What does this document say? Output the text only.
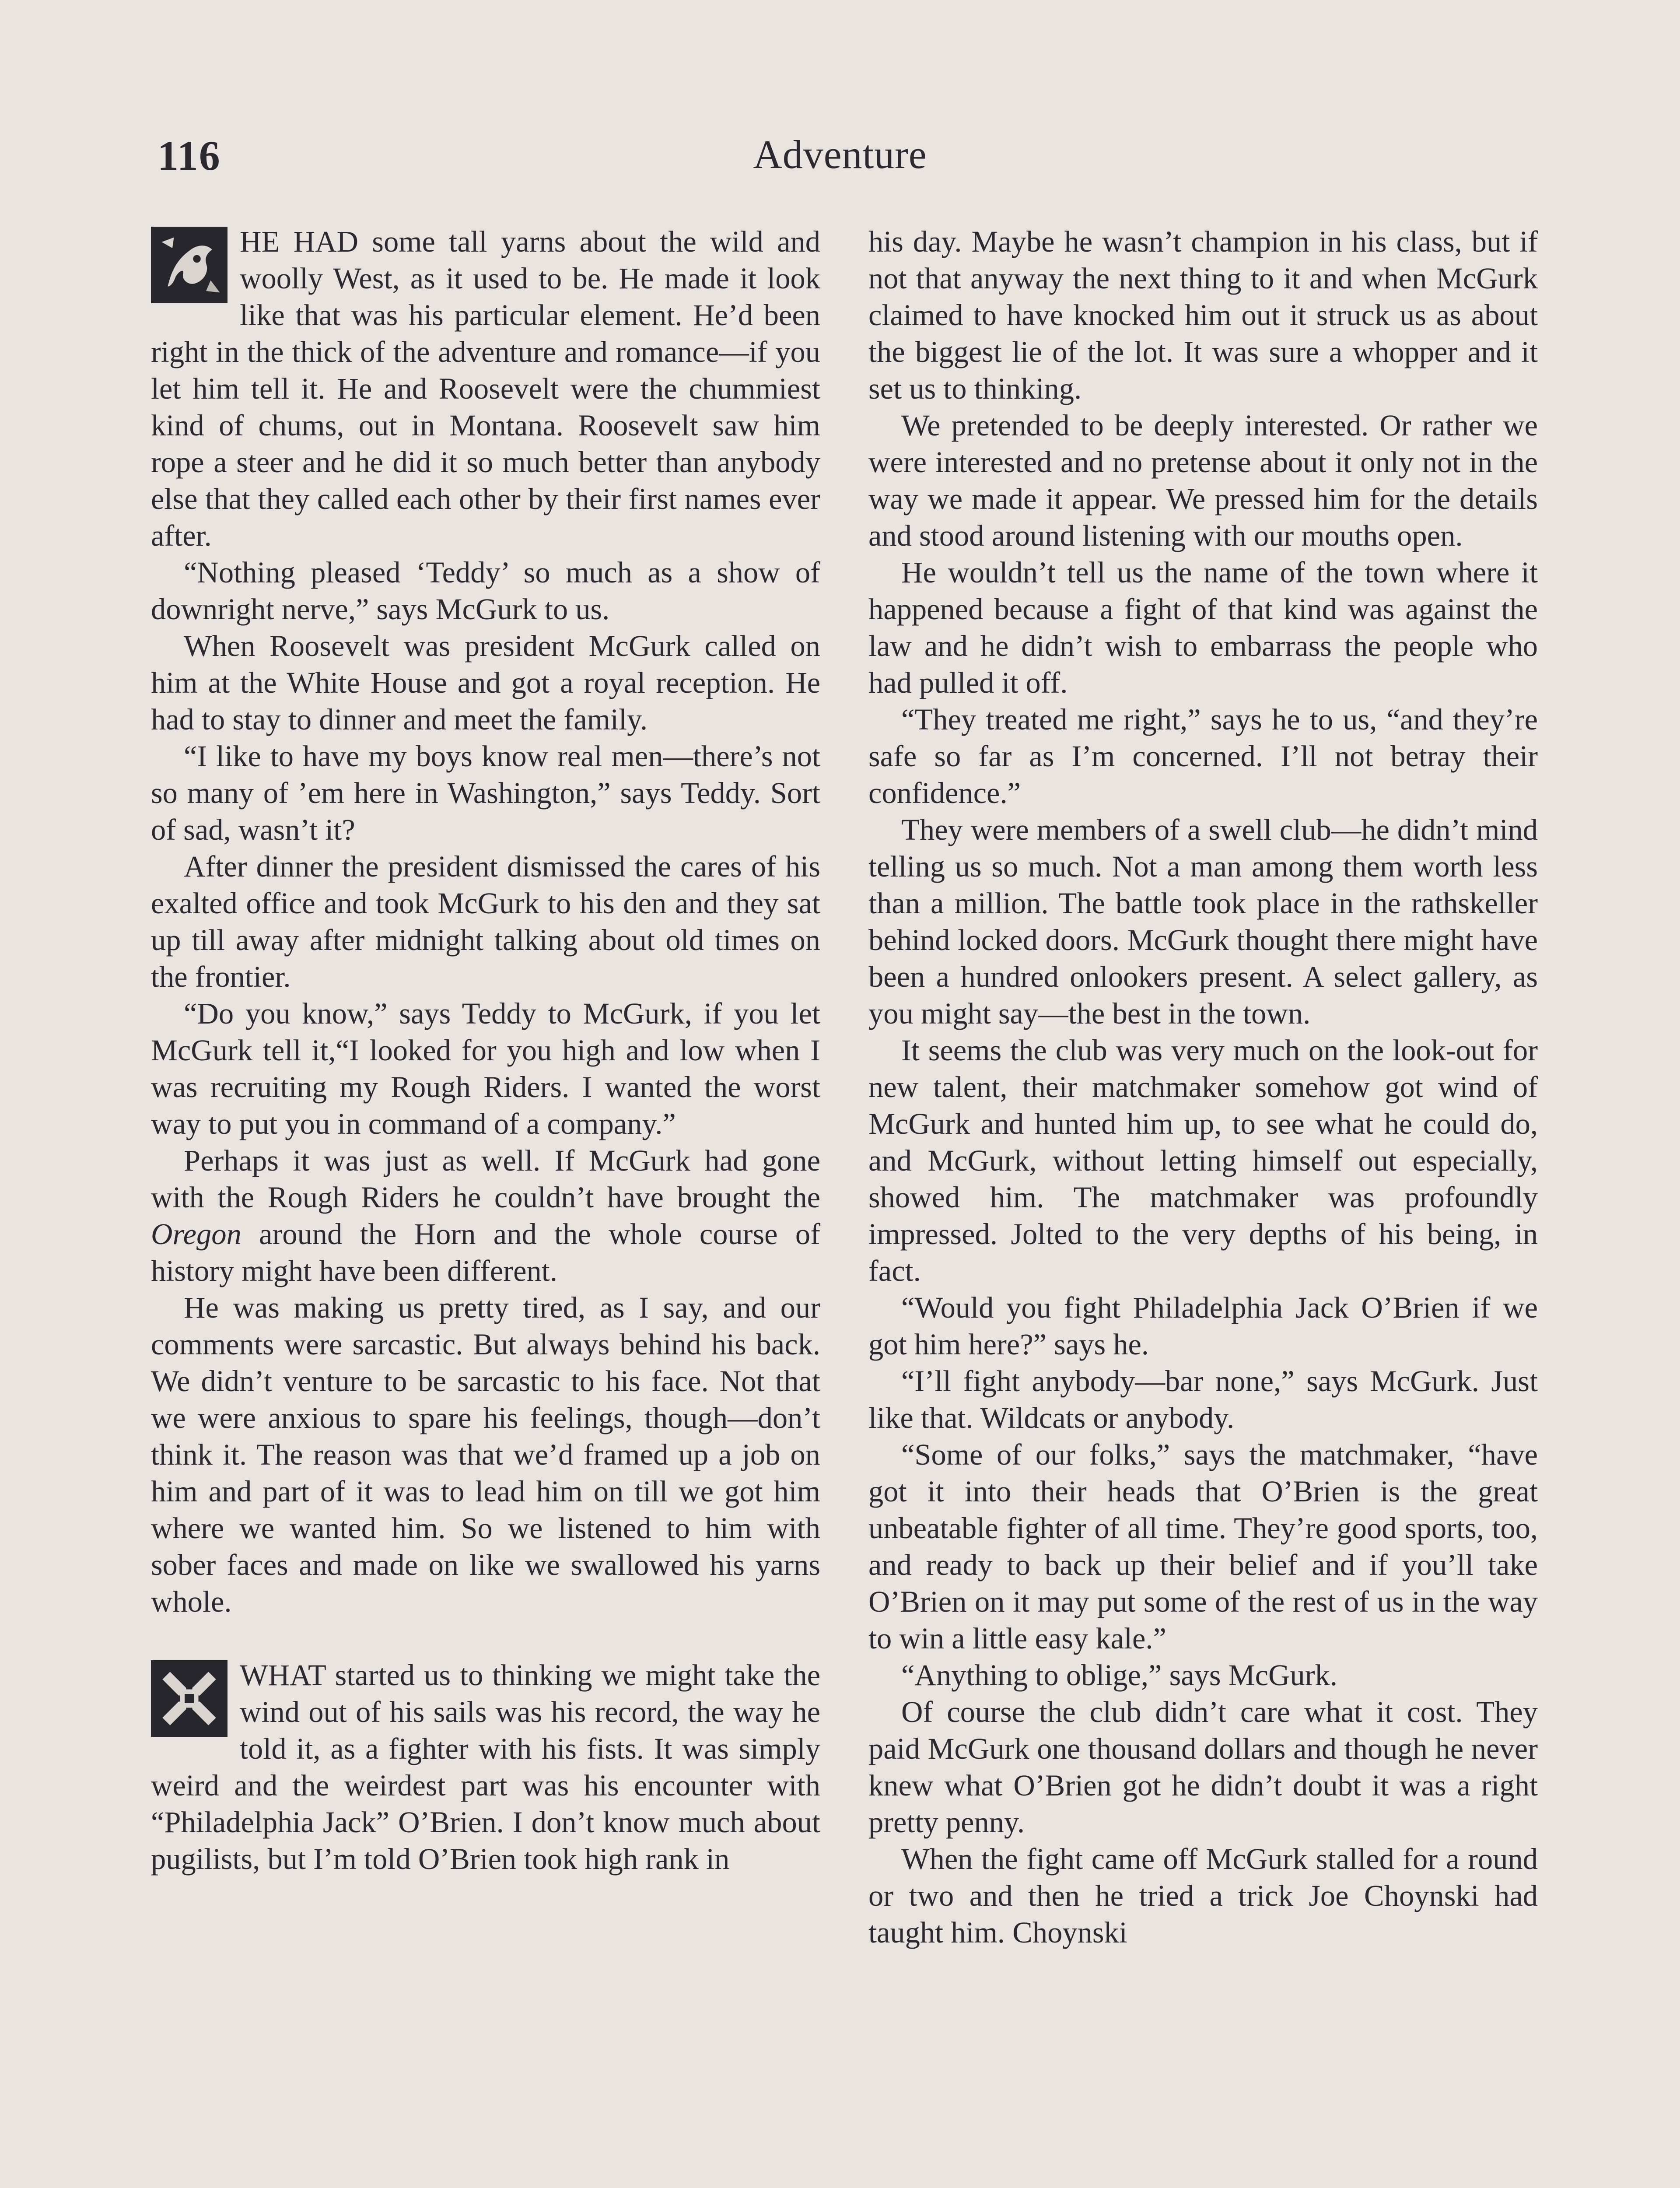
116	Adventure

HE HAD some tall yarns about the wild and woolly West, as it used to be. He made it look like that was his particular element. He’d been right in the thick of the adventure and romance—if you let him tell it. He and Roosevelt were the chummiest kind of chums, out in Montana. Roosevelt saw him rope a steer and he did it so much better than anybody else that they called each other by their first names ever after.

“Nothing pleased ‘Teddy’ so much as a show of downright nerve,” says McGurk to us.

When Roosevelt was president McGurk called on him at the White House and got a royal reception. He had to stay to dinner and meet the family.

“I like to have my boys know real men—there’s not so many of ’em here in Washington,” says Teddy. Sort of sad, wasn’t it?

After dinner the president dismissed the cares of his exalted office and took McGurk to his den and they sat up till away after midnight talking about old times on the frontier.

“Do you know,” says Teddy to McGurk, if you let McGurk tell it,“I looked for you high and low when I was recruiting my Rough Riders. I wanted the worst way to put you in command of a company.”

Perhaps it was just as well. If McGurk had gone with the Rough Riders he couldn’t have brought the Oregon around the Horn and the whole course of history might have been different.

He was making us pretty tired, as I say, and our comments were sarcastic. But always behind his back. We didn’t venture to be sarcastic to his face. Not that we were anxious to spare his feelings, though—don’t think it. The reason was that we’d framed up a job on him and part of it was to lead him on till we got him where we wanted him. So we listened to him with sober faces and made on like we swallowed his yarns whole.

WHAT started us to thinking we might take the wind out of his sails was his record, the way he told it, as a fighter with his fists. It was simply weird and the weirdest part was his encounter with “Philadelphia Jack” O’Brien. I don’t know much about pugilists, but I’m told O’Brien took high rank in

his day. Maybe he wasn’t champion in his class, but if not that anyway the next thing to it and when McGurk claimed to have knocked him out it struck us as about the biggest lie of the lot. It was sure a whopper and it set us to thinking.

We pretended to be deeply interested. Or rather we were interested and no pretense about it only not in the way we made it appear. We pressed him for the details and stood around listening with our mouths open.

He wouldn’t tell us the name of the town where it happened because a fight of that kind was against the law and he didn’t wish to embarrass the people who had pulled it off.

“They treated me right,” says he to us, “and they’re safe so far as I’m concerned. I’ll not betray their confidence.”

They were members of a swell club—he didn’t mind telling us so much. Not a man among them worth less than a million. The battle took place in the rathskeller behind locked doors. McGurk thought there might have been a hundred onlookers present. A select gallery, as you might say—the best in the town.

It seems the club was very much on the look-out for new talent, their matchmaker somehow got wind of McGurk and hunted him up, to see what he could do, and McGurk, without letting himself out especially, showed him. The matchmaker was profoundly impressed. Jolted to the very depths of his being, in fact.

“Would you fight Philadelphia Jack O’Brien if we got him here?” says he.

“I’ll fight anybody—bar none,” says McGurk. Just like that. Wildcats or anybody.

“Some of our folks,” says the matchmaker, “have got it into their heads that O’Brien is the great unbeatable fighter of all time. They’re good sports, too, and ready to back up their belief and if you’ll take O’Brien on it may put some of the rest of us in the way to win a little easy kale.”

“Anything to oblige,” says McGurk.

Of course the club didn’t care what it cost. They paid McGurk one thousand dollars and though he never knew what O’Brien got he didn’t doubt it was a right pretty penny.

When the fight came off McGurk stalled for a round or two and then he tried a trick Joe Choynski had taught him. Choynski
